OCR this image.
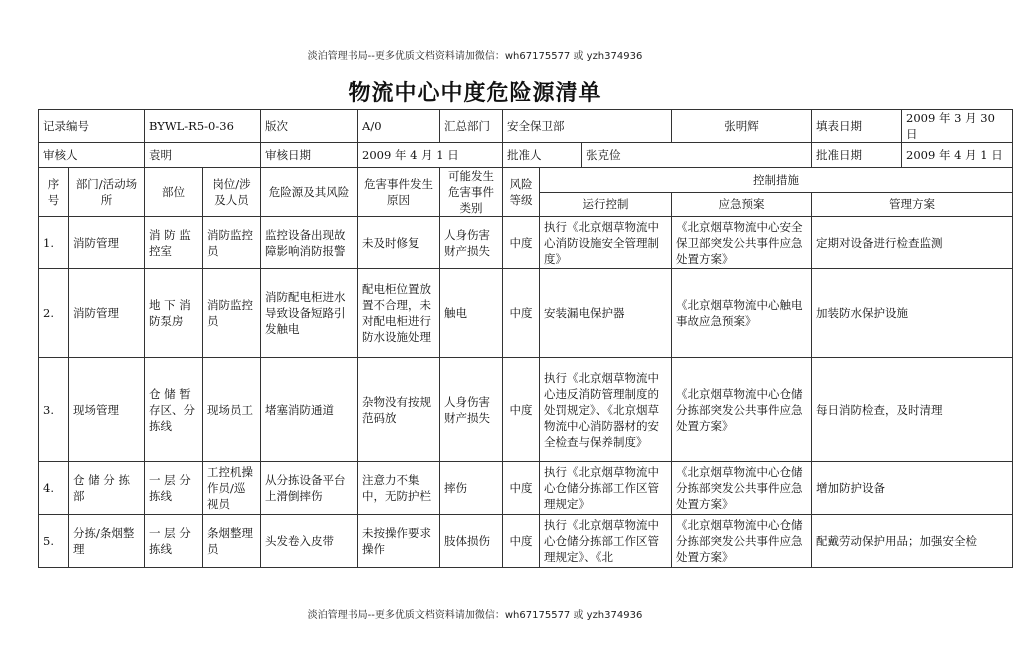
淡泊管理书局--更多优质文档资料请加微信：wh67175577 或 yzh374936
物流中心中度危险源清单
记录编号		BYWL-R5-0-36		版次	A/0	汇总部门	安全保卫部			张明辉	填表日期	2009 年 3 月 30 日
审核人		袁明		审核日期	2009 年 4 月 1 日		批准人		张克俭		批准日期	2009 年 4 月 1 日
序号	部门/活动场所	部位	岗位/涉及人员	危险源及其风险	危害事件发生原因	可能发生危害事件类别	风险等级	控制措施				
								运行控制		应急预案	管理方案	
1.	消防管理	消 防 监控室	消防监控员	监控设备出现故障影响消防报警	未及时修复	人身伤害财产损失	中度	执行《北京烟草物流中心消防设施安全管理制度》		《北京烟草物流中心安全保卫部突发公共事件应急处置方案》	定期对设备进行检查监测	
2.	消防管理	地 下 消防泵房	消防监控员	消防配电柜进水导致设备短路引发触电	配电柜位置放置不合理，未对配电柜进行防水设施处理	触电	中度	安装漏电保护器		《北京烟草物流中心触电事故应急预案》	加装防水保护设施	
3.	现场管理	仓 储 暂存区、分拣线	现场员工	堵塞消防通道	杂物没有按规范码放	人身伤害财产损失	中度	执行《北京烟草物流中心违反消防管理制度的处罚规定》、《北京烟草物流中心消防器材的安全检查与保养制度》		《北京烟草物流中心仓储分拣部突发公共事件应急处置方案》	每日消防检查，及时清理	
4.	仓 储 分 拣部	一 层 分拣线	工控机操作员/巡视员	从分拣设备平台上滑倒摔伤	注意力不集中，无防护栏	摔伤	中度	执行《北京烟草物流中心仓储分拣部工作区管理规定》		《北京烟草物流中心仓储分拣部突发公共事件应急处置方案》	增加防护设备	
5.	分拣/条烟整理	一 层 分拣线	条烟整理员	头发卷入皮带	未按操作要求操作	肢体损伤	中度	执行《北京烟草物流中心仓储分拣部工作区管理规定》、《北		《北京烟草物流中心仓储分拣部突发公共事件应急处置方案》	配戴劳动保护用品；加强安全检	
淡泊管理书局--更多优质文档资料请加微信：wh67175577 或 yzh374936
